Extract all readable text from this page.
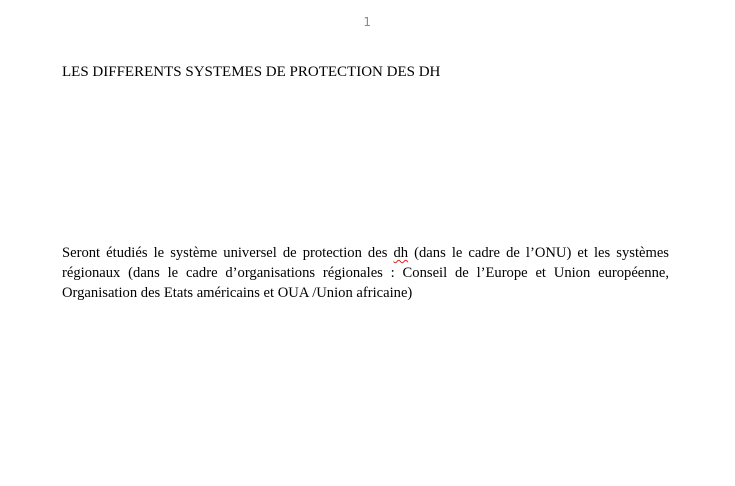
1
LES DIFFERENTS SYSTEMES DE PROTECTION DES DH

Seront étudiés le système universel de protection des dh (dans le cadre de l’ONU) et les systèmes régionaux (dans le cadre d’organisations régionales : Conseil de l’Europe et Union européenne, Organisation des Etats américains et OUA /Union africaine)
